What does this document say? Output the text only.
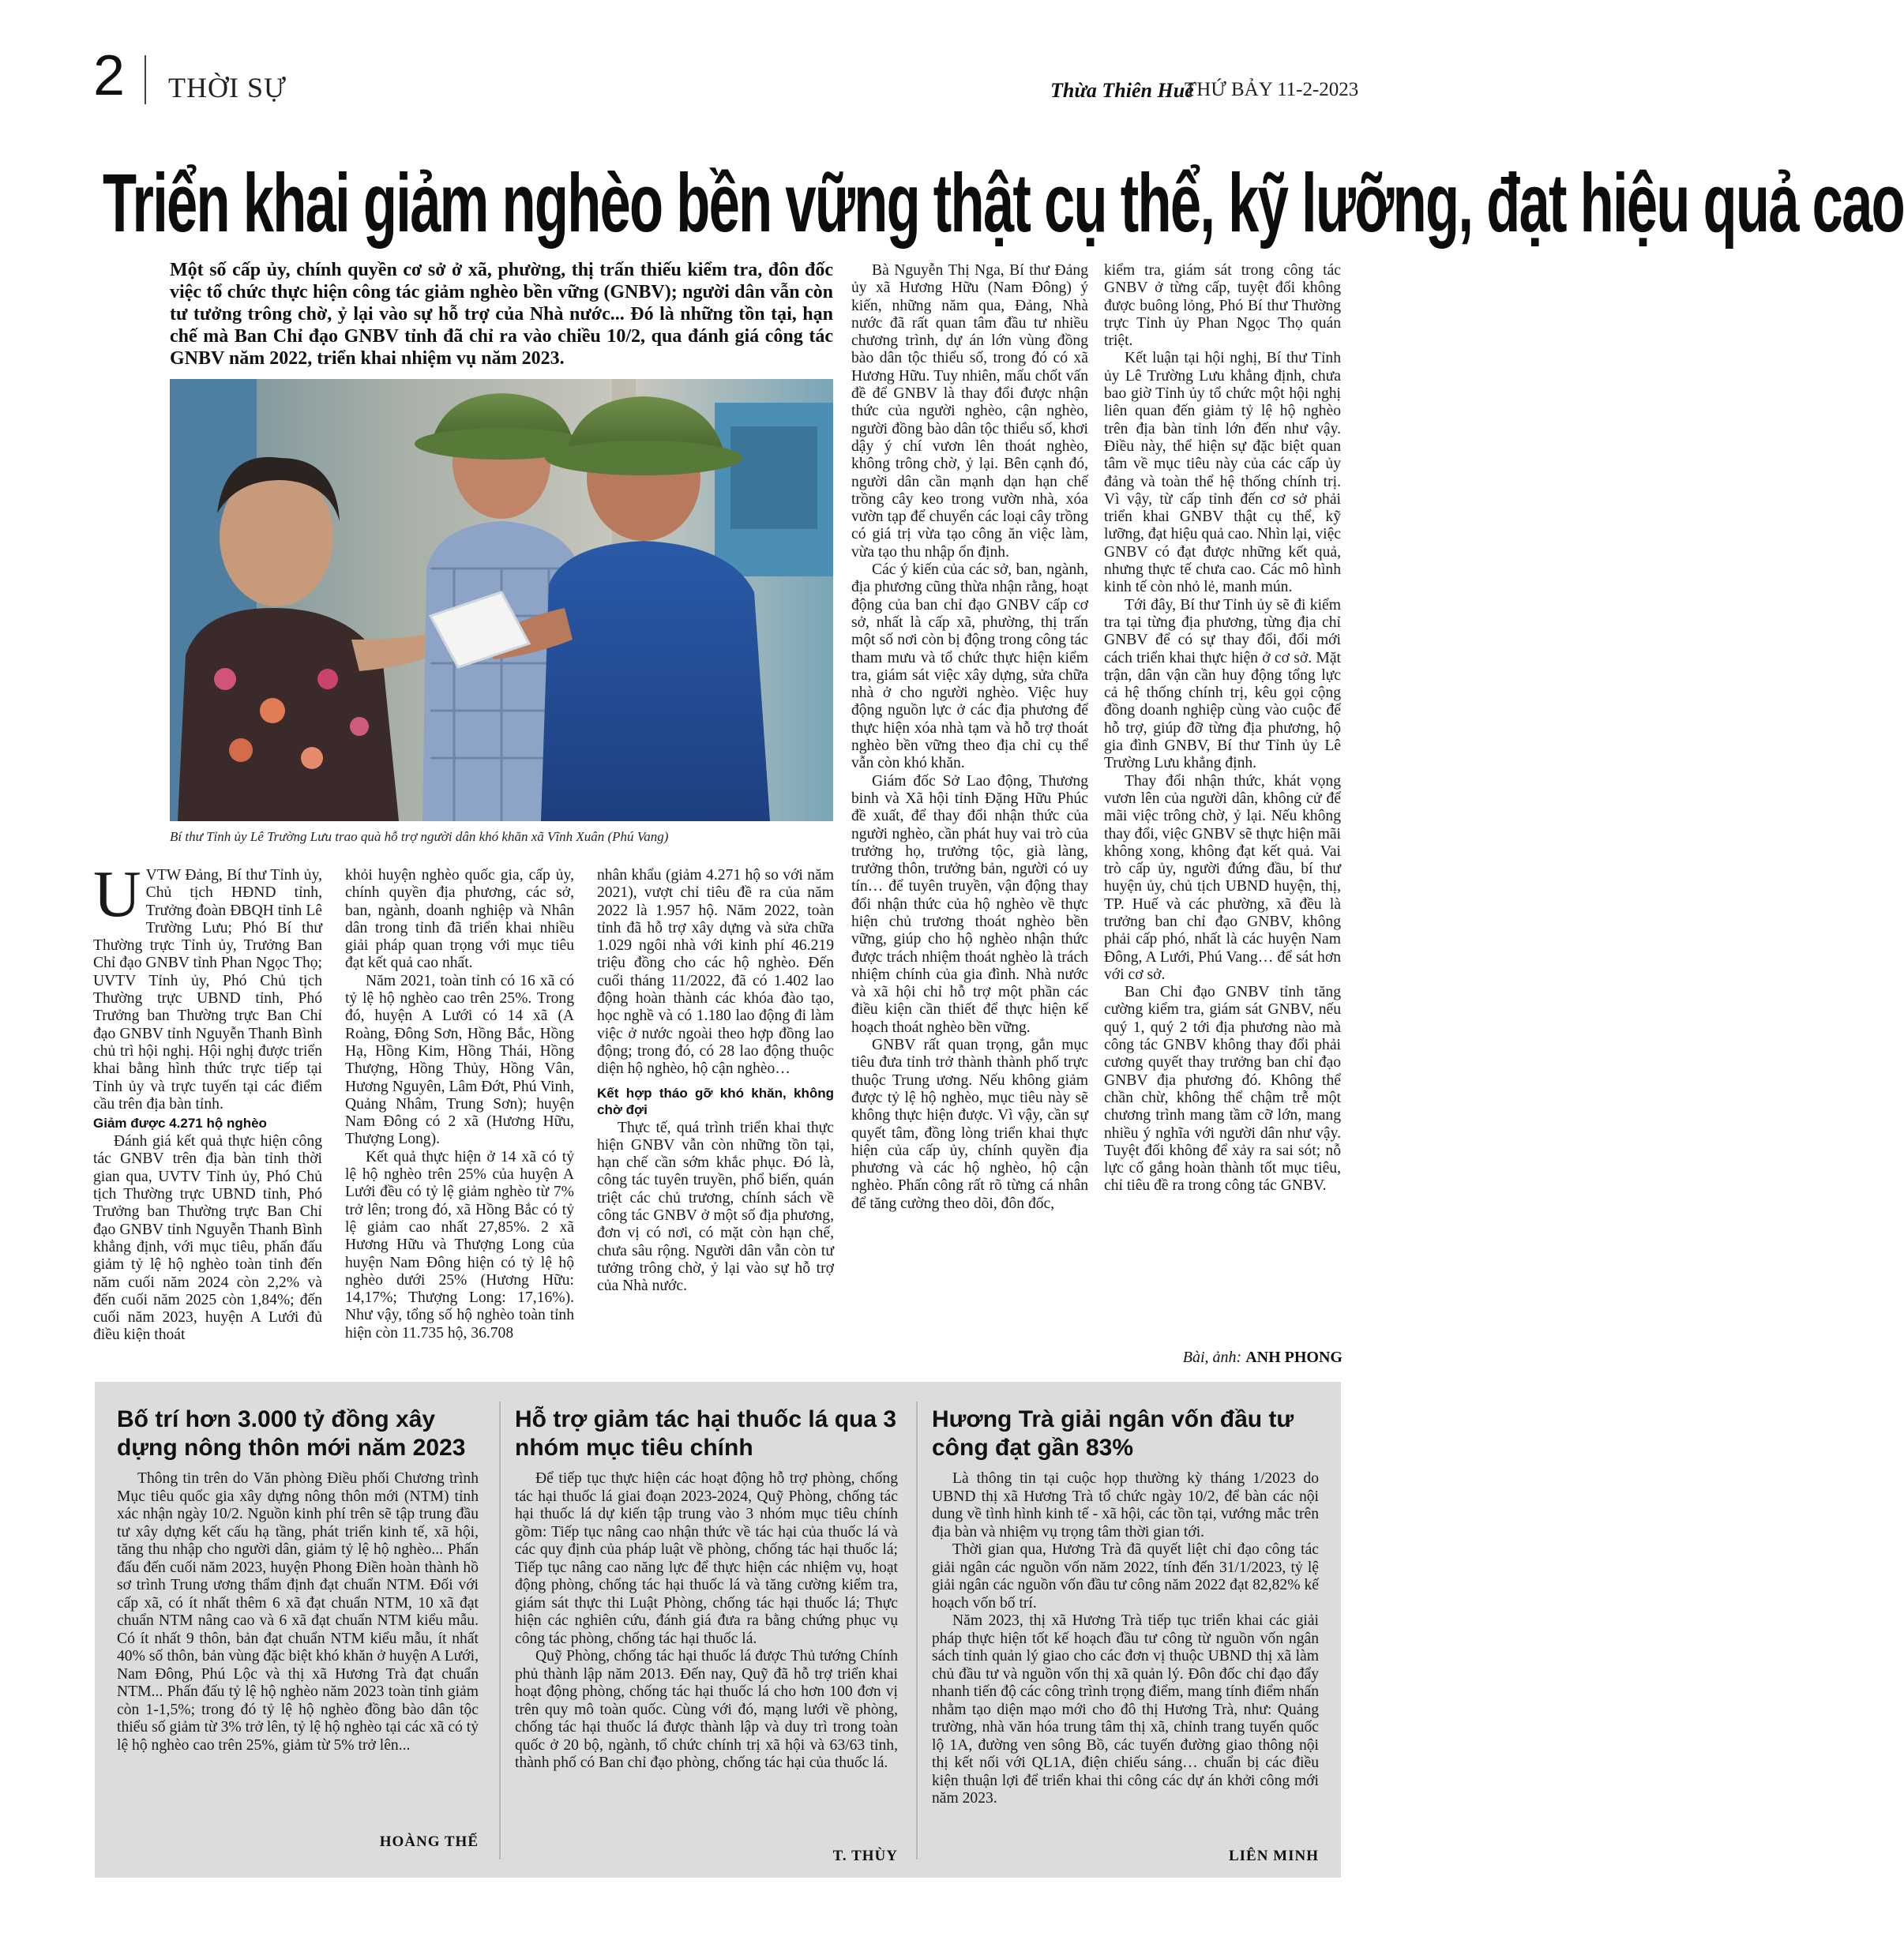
2 THỜI SỰ	Thừa Thiên Huế
THỨ BẢY 11-2-2023
Triển khai giảm nghèo bền vững thật cụ thể, kỹ lưỡng, đạt hiệu quả cao
Một số cấp ủy, chính quyền cơ sở ở xã, phường, thị trấn thiếu kiểm tra, đôn đốc việc tổ chức thực hiện công tác giảm nghèo bền vững (GNBV); người dân vẫn còn tư tưởng trông chờ, ỷ lại vào sự hỗ trợ của Nhà nước... Đó là những tồn tại, hạn chế mà Ban Chỉ đạo GNBV tỉnh đã chỉ ra vào chiều 10/2, qua đánh giá công tác GNBV năm 2022, triển khai nhiệm vụ năm 2023.
Bí thư Tỉnh ủy Lê Trường Lưu trao quà hỗ trợ người dân khó khăn xã Vĩnh Xuân (Phú Vang)

UVTW Đảng, Bí thư Tỉnh ủy, Chủ tịch HĐND tỉnh, Trưởng đoàn ĐBQH tỉnh Lê Trường Lưu; Phó Bí thư Thường trực Tỉnh ủy, Trưởng Ban Chỉ đạo GNBV tỉnh Phan Ngọc Thọ; UVTV Tỉnh ủy, Phó Chủ tịch Thường trực UBND tỉnh, Phó Trưởng ban Thường trực Ban Chỉ đạo GNBV tỉnh Nguyễn Thanh Bình chủ trì hội nghị. Hội nghị được triển khai bằng hình thức trực tiếp tại Tỉnh ủy và trực tuyến tại các điểm cầu trên địa bàn tỉnh.

Giảm được 4.271 hộ nghèo

Đánh giá kết quả thực hiện công tác GNBV trên địa bàn tỉnh thời gian qua, UVTV Tỉnh ủy, Phó Chủ tịch Thường trực UBND tỉnh, Phó Trưởng ban Thường trực Ban Chỉ đạo GNBV tỉnh Nguyễn Thanh Bình khẳng định, với mục tiêu, phấn đấu giảm tỷ lệ hộ nghèo toàn tỉnh đến năm cuối năm 2024 còn 2,2% và đến cuối năm 2025 còn 1,84%; đến cuối năm 2023, huyện A Lưới đủ điều kiện thoát

khỏi huyện nghèo quốc gia, cấp ủy, chính quyền địa phương, các sở, ban, ngành, doanh nghiệp và Nhân dân trong tỉnh đã triển khai nhiều giải pháp quan trọng với mục tiêu đạt kết quả cao nhất.

Năm 2021, toàn tỉnh có 16 xã có tỷ lệ hộ nghèo cao trên 25%. Trong đó, huyện A Lưới có 14 xã (A Roàng, Đông Sơn, Hồng Bắc, Hồng Hạ, Hồng Kim, Hồng Thái, Hồng Thượng, Hồng Thủy, Hồng Vân, Hương Nguyên, Lâm Đớt, Phú Vinh, Quảng Nhâm, Trung Sơn); huyện Nam Đông có 2 xã (Hương Hữu, Thượng Long).

Kết quả thực hiện ở 14 xã có tỷ lệ hộ nghèo trên 25% của huyện A Lưới đều có tỷ lệ giảm nghèo từ 7% trở lên; trong đó, xã Hồng Bắc có tỷ lệ giảm cao nhất 27,85%. 2 xã Hương Hữu và Thượng Long của huyện Nam Đông hiện có tỷ lệ hộ nghèo dưới 25% (Hương Hữu: 14,17%; Thượng Long: 17,16%). Như vậy, tổng số hộ nghèo toàn tỉnh hiện còn 11.735 hộ, 36.708

nhân khẩu (giảm 4.271 hộ so với năm 2021), vượt chỉ tiêu đề ra của năm 2022 là 1.957 hộ. Năm 2022, toàn tỉnh đã hỗ trợ xây dựng và sửa chữa 1.029 ngôi nhà với kinh phí 46.219 triệu đồng cho các hộ nghèo. Đến cuối tháng 11/2022, đã có 1.402 lao động hoàn thành các khóa đào tạo, học nghề và có 1.180 lao động đi làm việc ở nước ngoài theo hợp đồng lao động; trong đó, có 28 lao động thuộc diện hộ nghèo, hộ cận nghèo…

Kết hợp tháo gỡ khó khăn, không chờ đợi

Thực tế, quá trình triển khai thực hiện GNBV vẫn còn những tồn tại, hạn chế cần sớm khắc phục. Đó là, công tác tuyên truyền, phổ biến, quán triệt các chủ trương, chính sách về công tác GNBV ở một số địa phương, đơn vị có nơi, có mặt còn hạn chế, chưa sâu rộng. Người dân vẫn còn tư tưởng trông chờ, ỷ lại vào sự hỗ trợ của Nhà nước.

Bà Nguyễn Thị Nga, Bí thư Đảng ủy xã Hương Hữu (Nam Đông) ý kiến, những năm qua, Đảng, Nhà nước đã rất quan tâm đầu tư nhiều chương trình, dự án lớn vùng đồng bào dân tộc thiểu số, trong đó có xã Hương Hữu. Tuy nhiên, mấu chốt vấn đề để GNBV là thay đổi được nhận thức của người nghèo, cận nghèo, người đồng bào dân tộc thiểu số, khơi dậy ý chí vươn lên thoát nghèo, không trông chờ, ỷ lại. Bên cạnh đó, người dân cần mạnh dạn hạn chế trồng cây keo trong vườn nhà, xóa vườn tạp để chuyển các loại cây trồng có giá trị vừa tạo công ăn việc làm, vừa tạo thu nhập ổn định.

Các ý kiến của các sở, ban, ngành, địa phương cũng thừa nhận rằng, hoạt động của ban chỉ đạo GNBV cấp cơ sở, nhất là cấp xã, phường, thị trấn một số nơi còn bị động trong công tác tham mưu và tổ chức thực hiện kiểm tra, giám sát việc xây dựng, sửa chữa nhà ở cho người nghèo. Việc huy động nguồn lực ở các địa phương để thực hiện xóa nhà tạm và hỗ trợ thoát nghèo bền vững theo địa chỉ cụ thể vẫn còn khó khăn.

Giám đốc Sở Lao động, Thương binh và Xã hội tỉnh Đặng Hữu Phúc đề xuất, để thay đổi nhận thức của người nghèo, cần phát huy vai trò của trưởng họ, trưởng tộc, già làng, trưởng thôn, trưởng bản, người có uy tín… để tuyên truyền, vận động thay đổi nhận thức của hộ nghèo về thực hiện chủ trương thoát nghèo bền vững, giúp cho hộ nghèo nhận thức được trách nhiệm thoát nghèo là trách nhiệm chính của gia đình. Nhà nước và xã hội chỉ hỗ trợ một phần các điều kiện cần thiết để thực hiện kế hoạch thoát nghèo bền vững.

GNBV rất quan trọng, gắn mục tiêu đưa tỉnh trở thành thành phố trực thuộc Trung ương. Nếu không giảm được tỷ lệ hộ nghèo, mục tiêu này sẽ không thực hiện được. Vì vậy, cần sự quyết tâm, đồng lòng triển khai thực hiện của cấp ủy, chính quyền địa phương và các hộ nghèo, hộ cận nghèo. Phấn công rất rõ từng cá nhân để tăng cường theo dõi, đôn đốc,

kiểm tra, giám sát trong công tác GNBV ở từng cấp, tuyệt đối không được buông lỏng, Phó Bí thư Thường trực Tỉnh ủy Phan Ngọc Thọ quán triệt.

Kết luận tại hội nghị, Bí thư Tỉnh ủy Lê Trường Lưu khẳng định, chưa bao giờ Tỉnh ủy tổ chức một hội nghị liên quan đến giảm tỷ lệ hộ nghèo trên địa bàn tỉnh lớn đến như vậy. Điều này, thể hiện sự đặc biệt quan tâm về mục tiêu này của các cấp ủy đảng và toàn thể hệ thống chính trị. Vì vậy, từ cấp tỉnh đến cơ sở phải triển khai GNBV thật cụ thể, kỹ lưỡng, đạt hiệu quả cao. Nhìn lại, việc GNBV có đạt được những kết quả, nhưng thực tế chưa cao. Các mô hình kinh tế còn nhỏ lẻ, manh mún.

Tới đây, Bí thư Tỉnh ủy sẽ đi kiểm tra tại từng địa phương, từng địa chỉ GNBV để có sự thay đổi, đổi mới cách triển khai thực hiện ở cơ sở. Mặt trận, dân vận cần huy động tổng lực cả hệ thống chính trị, kêu gọi cộng đồng doanh nghiệp cùng vào cuộc để hỗ trợ, giúp đỡ từng địa phương, hộ gia đình GNBV, Bí thư Tỉnh ủy Lê Trường Lưu khẳng định.

Thay đổi nhận thức, khát vọng vươn lên của người dân, không cử để mãi việc trông chờ, ỷ lại. Nếu không thay đổi, việc GNBV sẽ thực hiện mãi không xong, không đạt kết quả. Vai trò cấp ủy, người đứng đầu, bí thư huyện ủy, chủ tịch UBND huyện, thị, TP. Huế và các phường, xã đều là trưởng ban chỉ đạo GNBV, không phải cấp phó, nhất là các huyện Nam Đông, A Lưới, Phú Vang… để sát hơn với cơ sở.

Ban Chỉ đạo GNBV tỉnh tăng cường kiểm tra, giám sát GNBV, nếu quý 1, quý 2 tới địa phương nào mà công tác GNBV không thay đổi phải cương quyết thay trưởng ban chỉ đạo GNBV địa phương đó. Không thể chần chừ, không thể chậm trễ một chương trình mang tầm cỡ lớn, mang nhiều ý nghĩa với người dân như vậy. Tuyệt đối không để xảy ra sai sót; nỗ lực cố gắng hoàn thành tốt mục tiêu, chỉ tiêu đề ra trong công tác GNBV.

Bài, ảnh: ANH PHONG
Bố trí hơn 3.000 tỷ đồng xây dựng nông thôn mới năm 2023

Thông tin trên do Văn phòng Điều phối Chương trình Mục tiêu quốc gia xây dựng nông thôn mới (NTM) tỉnh xác nhận ngày 10/2. Nguồn kinh phí trên sẽ tập trung đầu tư xây dựng kết cấu hạ tầng, phát triển kinh tế, xã hội, tăng thu nhập cho người dân, giảm tỷ lệ hộ nghèo... Phấn đấu đến cuối năm 2023, huyện Phong Điền hoàn thành hồ sơ trình Trung ương thẩm định đạt chuẩn NTM. Đối với cấp xã, có ít nhất thêm 6 xã đạt chuẩn NTM, 10 xã đạt chuẩn NTM nâng cao và 6 xã đạt chuẩn NTM kiểu mẫu. Có ít nhất 9 thôn, bản đạt chuẩn NTM kiểu mẫu, ít nhất 40% số thôn, bản vùng đặc biệt khó khăn ở huyện A Lưới, Nam Đông, Phú Lộc và thị xã Hương Trà đạt chuẩn NTM... Phấn đấu tỷ lệ hộ nghèo năm 2023 toàn tỉnh giảm còn 1-1,5%; trong đó tỷ lệ hộ nghèo đồng bào dân tộc thiểu số giảm từ 3% trở lên, tỷ lệ hộ nghèo tại các xã có tỷ lệ hộ nghèo cao trên 25%, giảm từ 5% trở lên...

HOÀNG THẾ
Hỗ trợ giảm tác hại thuốc lá qua 3 nhóm mục tiêu chính

Để tiếp tục thực hiện các hoạt động hỗ trợ phòng, chống tác hại thuốc lá giai đoạn 2023-2024, Quỹ Phòng, chống tác hại thuốc lá dự kiến tập trung vào 3 nhóm mục tiêu chính gồm: Tiếp tục nâng cao nhận thức về tác hại của thuốc lá và các quy định của pháp luật về phòng, chống tác hại thuốc lá; Tiếp tục nâng cao năng lực để thực hiện các nhiệm vụ, hoạt động phòng, chống tác hại thuốc lá và tăng cường kiểm tra, giám sát thực thi Luật Phòng, chống tác hại thuốc lá; Thực hiện các nghiên cứu, đánh giá đưa ra bằng chứng phục vụ công tác phòng, chống tác hại thuốc lá.

Quỹ Phòng, chống tác hại thuốc lá được Thủ tướng Chính phủ thành lập năm 2013. Đến nay, Quỹ đã hỗ trợ triển khai hoạt động phòng, chống tác hại thuốc lá cho hơn 100 đơn vị trên quy mô toàn quốc. Cùng với đó, mạng lưới về phòng, chống tác hại thuốc lá được thành lập và duy trì trong toàn quốc ở 20 bộ, ngành, tổ chức chính trị xã hội và 63/63 tỉnh, thành phố có Ban chỉ đạo phòng, chống tác hại của thuốc lá.

T. THÙY
Hương Trà giải ngân vốn đầu tư công đạt gần 83%

Là thông tin tại cuộc họp thường kỳ tháng 1/2023 do UBND thị xã Hương Trà tổ chức ngày 10/2, để bàn các nội dung về tình hình kinh tế - xã hội, các tồn tại, vướng mắc trên địa bàn và nhiệm vụ trọng tâm thời gian tới.

Thời gian qua, Hương Trà đã quyết liệt chỉ đạo công tác giải ngân các nguồn vốn năm 2022, tính đến 31/1/2023, tỷ lệ giải ngân các nguồn vốn đầu tư công năm 2022 đạt 82,82% kế hoạch vốn bố trí.

Năm 2023, thị xã Hương Trà tiếp tục triển khai các giải pháp thực hiện tốt kế hoạch đầu tư công từ nguồn vốn ngân sách tỉnh quản lý giao cho các đơn vị thuộc UBND thị xã làm chủ đầu tư và nguồn vốn thị xã quản lý. Đôn đốc chỉ đạo đẩy nhanh tiến độ các công trình trọng điểm, mang tính điểm nhấn nhằm tạo diện mạo mới cho đô thị Hương Trà, như: Quảng trường, nhà văn hóa trung tâm thị xã, chỉnh trang tuyến quốc lộ 1A, đường ven sông Bồ, các tuyến đường giao thông nội thị kết nối với QL1A, điện chiếu sáng… chuẩn bị các điều kiện thuận lợi để triển khai thi công các dự án khởi công mới năm 2023.

LIÊN MINH
